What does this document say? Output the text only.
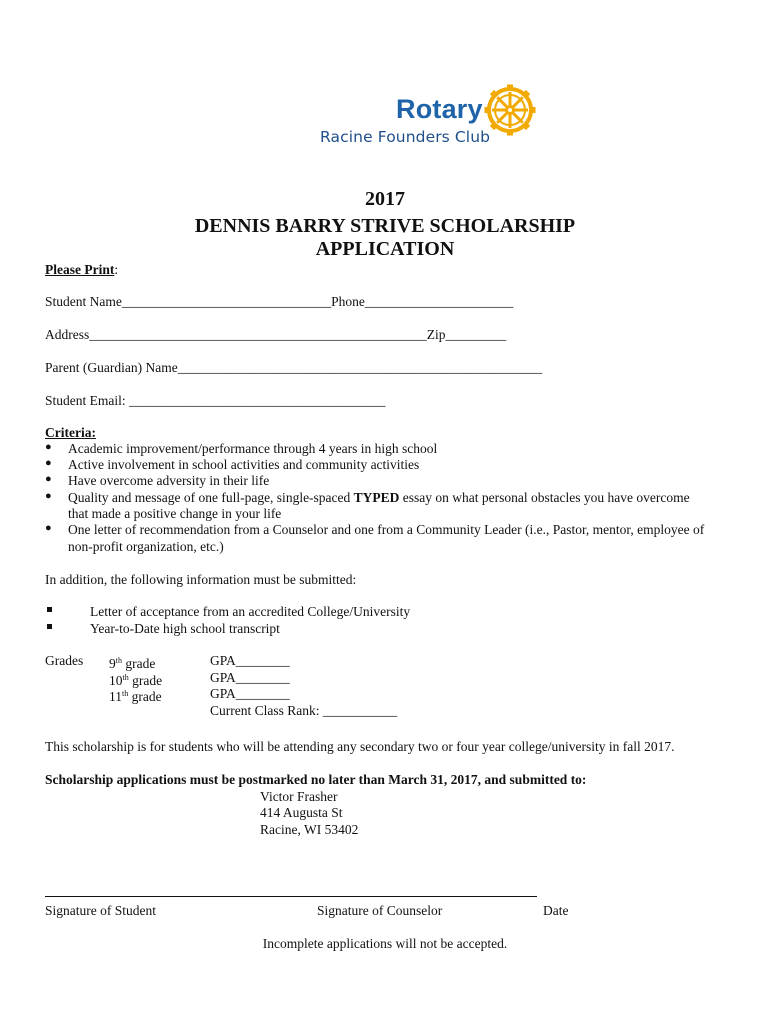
Rotary
Racine Founders Club
2017
DENNIS BARRY STRIVE SCHOLARSHIP
APPLICATION
Please Print:
Student Name_______________________________Phone______________________
Address__________________________________________________Zip_________
Parent (Guardian) Name______________________________________________________
Student Email: ______________________________________
Criteria:
● Academic improvement/performance through 4 years in high school
● Active involvement in school activities and community activities
● Have overcome adversity in their life
● Quality and message of one full-page, single-spaced TYPED essay on what personal obstacles you have overcome
that made a positive change in your life
● One letter of recommendation from a Counselor and one from a Community Leader (i.e., Pastor, mentor, employee of
non-profit organization, etc.)
In addition, the following information must be submitted:
Letter of acceptance from an accredited College/University
Year-to-Date high school transcript
Grades 9th grade	GPA________
10th grade	GPA________
11th grade	GPA________
Current Class Rank: ___________
This scholarship is for students who will be attending any secondary two or four year college/university in fall 2017.
Scholarship applications must be postmarked no later than March 31, 2017, and submitted to:
Victor Frasher
414 Augusta St
Racine, WI 53402
Signature of Student	Signature of Counselor	Date
Incomplete applications will not be accepted.
